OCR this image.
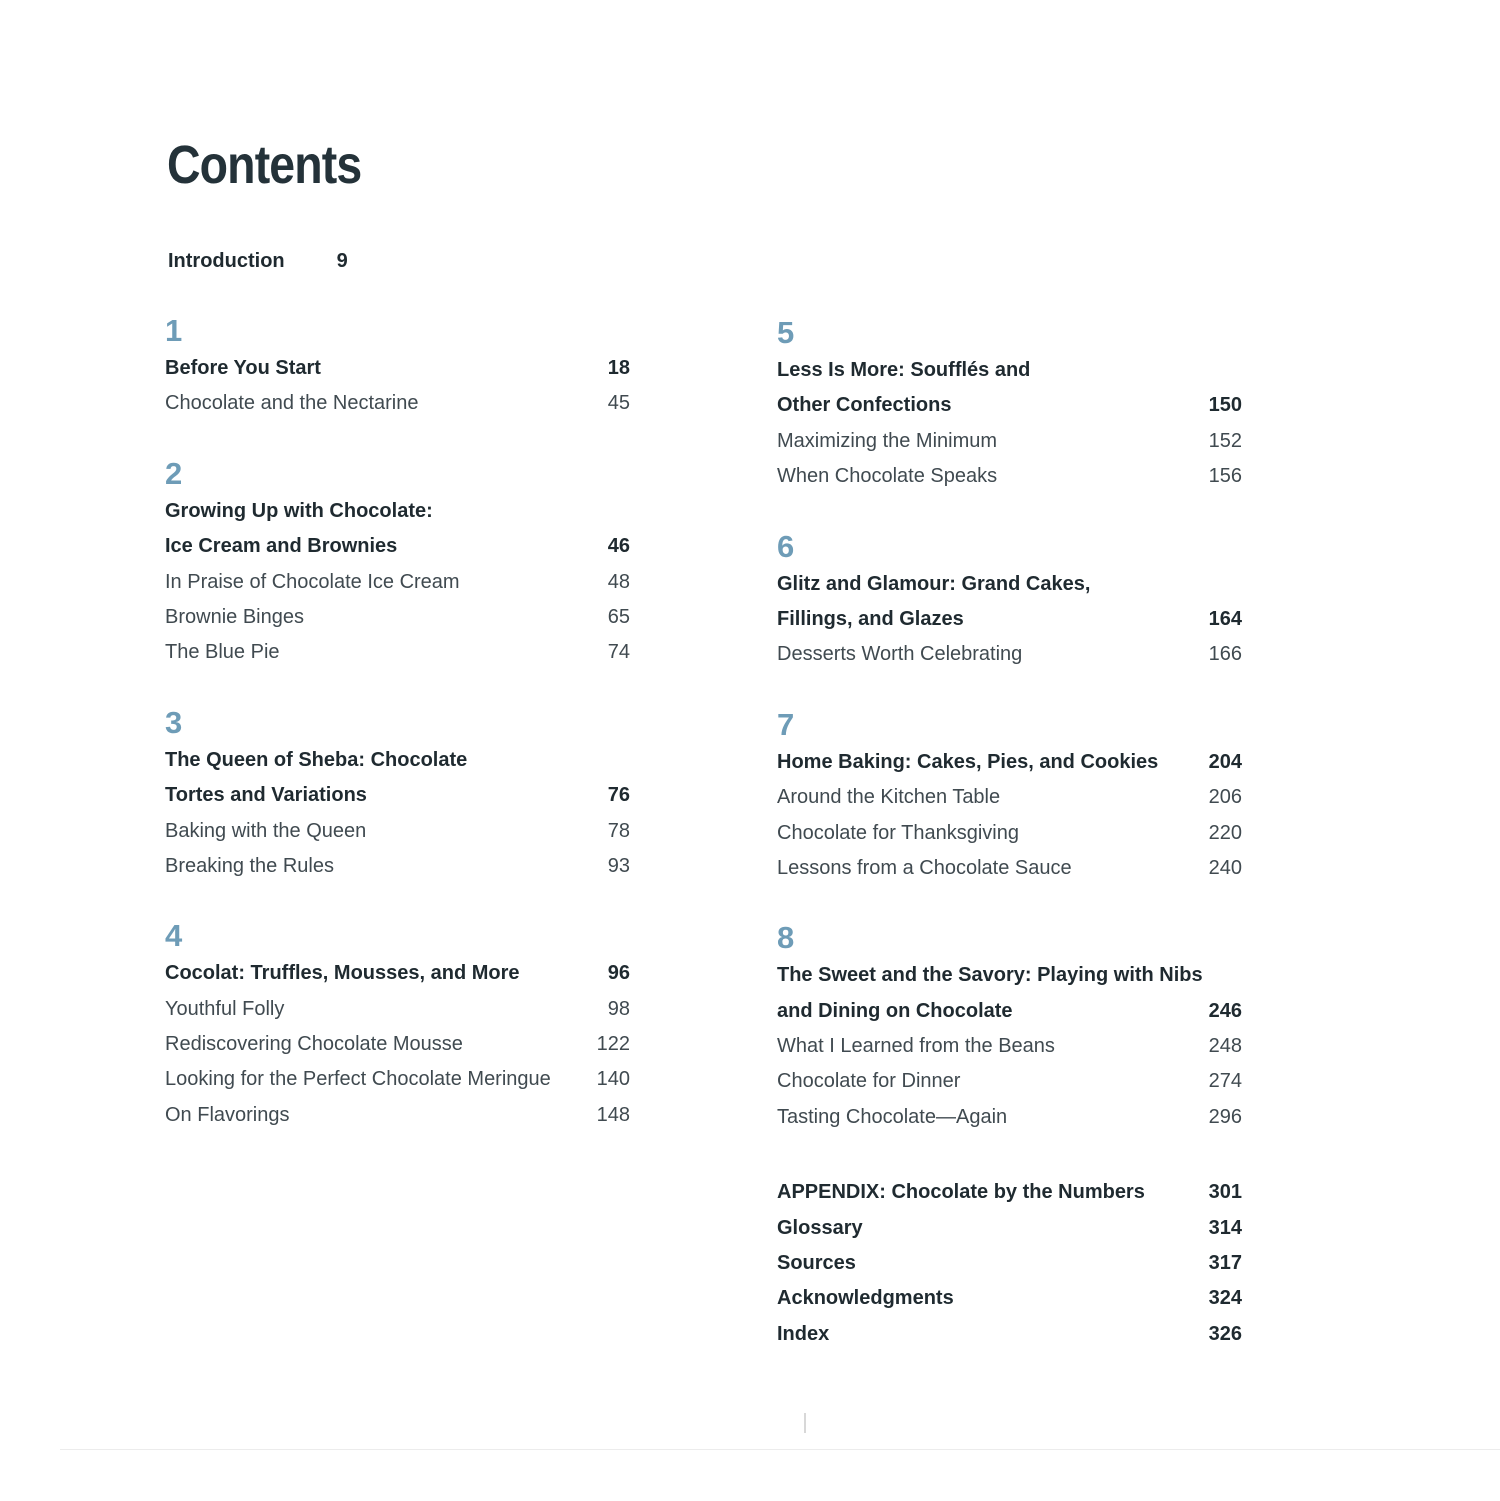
Contents
Introduction	9
1
Before You Start	18
Chocolate and the Nectarine	45
2
Growing Up with Chocolate:
Ice Cream and Brownies	46
In Praise of Chocolate Ice Cream	48
Brownie Binges	65
The Blue Pie	74
3
The Queen of Sheba: Chocolate
Tortes and Variations	76
Baking with the Queen	78
Breaking the Rules	93
4
Cocolat: Truffles, Mousses, and More	96
Youthful Folly	98
Rediscovering Chocolate Mousse	122
Looking for the Perfect Chocolate Meringue	140
On Flavorings	148
5
Less Is More: Soufflés and
Other Confections	150
Maximizing the Minimum	152
When Chocolate Speaks	156
6
Glitz and Glamour: Grand Cakes,
Fillings, and Glazes	164
Desserts Worth Celebrating	166
7
Home Baking: Cakes, Pies, and Cookies	204
Around the Kitchen Table	206
Chocolate for Thanksgiving	220
Lessons from a Chocolate Sauce	240
8
The Sweet and the Savory: Playing with Nibs
and Dining on Chocolate	246
What I Learned from the Beans	248
Chocolate for Dinner	274
Tasting Chocolate—Again	296
APPENDIX: Chocolate by the Numbers	301
Glossary	314
Sources	317
Acknowledgments	324
Index	326
